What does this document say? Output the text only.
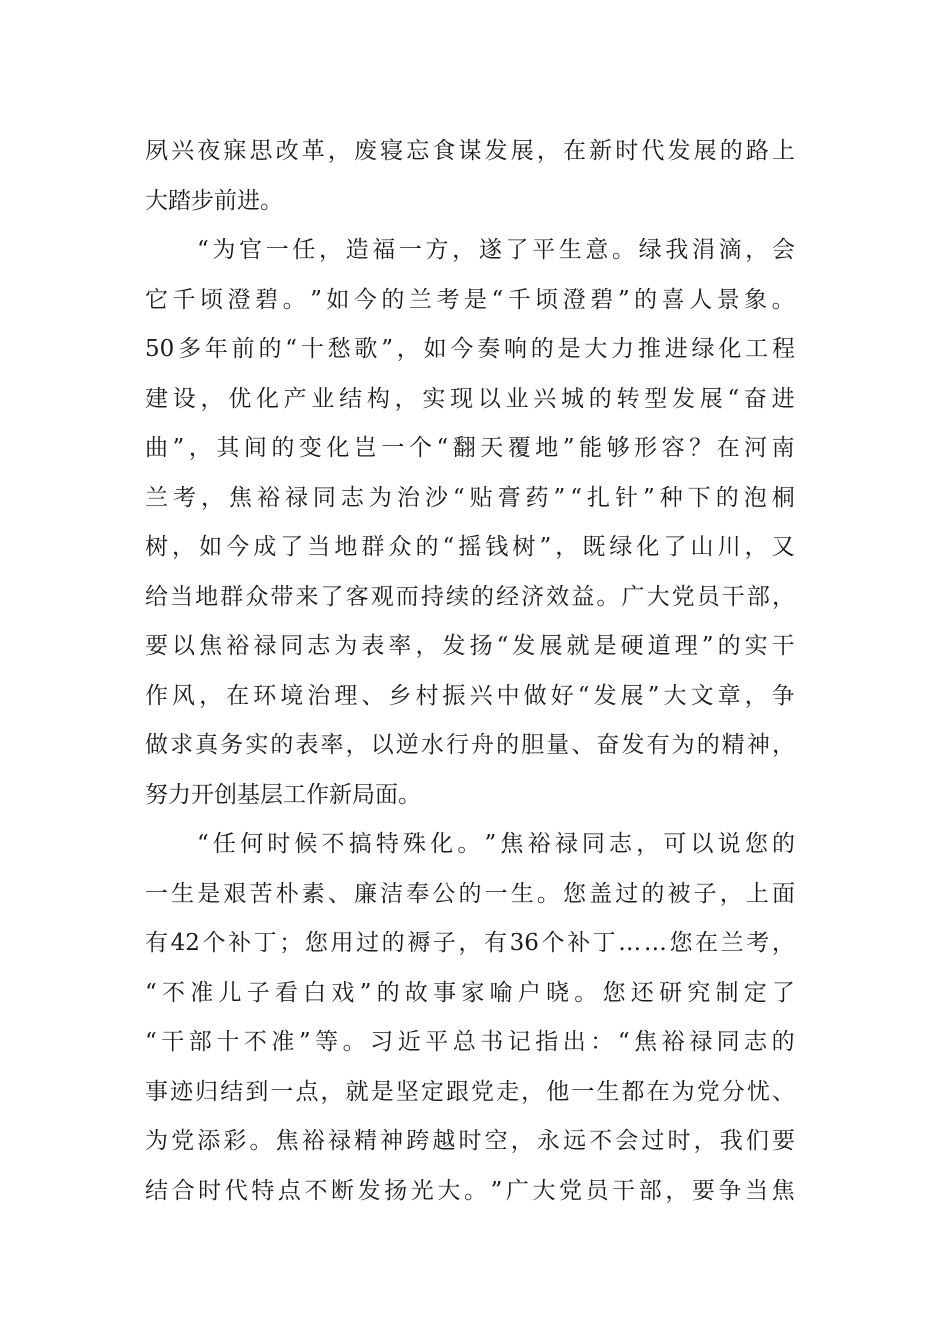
夙 兴 夜 寐 思 改 革 ， 废 寝 忘 食 谋 发 展 ， 在 新 时 代 发 展 的 路 上
大踏步前进。
“ 为 官 一 任 ， 造 福 一 方 ， 遂 了 平 生 意 。 绿 我 涓 滴 ， 会
它 千 顷 澄 碧 。 ” 如 今 的 兰 考 是 “ 千 顷 澄 碧 ” 的 喜 人 景 象 。
50 多 年 前 的 “ 十 愁 歌 ” ， 如 今 奏 响 的 是 大 力 推 进 绿 化 工 程
建 设 ， 优 化 产 业 结 构 ， 实 现 以 业 兴 城 的 转 型 发 展 “ 奋 进
曲 ” ， 其 间 的 变 化 岂 一 个 “ 翻 天 覆 地 ” 能 够 形 容 ？ 在 河 南
兰 考 ， 焦 裕 禄 同 志 为 治 沙 “ 贴 膏 药 ” “ 扎 针 ” 种 下 的 泡 桐
树 ， 如 今 成 了 当 地 群 众 的 “ 摇 钱 树 ” ， 既 绿 化 了 山 川 ， 又
给 当 地 群 众 带 来 了 客 观 而 持 续 的 经 济 效 益 。 广 大 党 员 干 部 ，
要 以 焦 裕 禄 同 志 为 表 率 ， 发 扬 “ 发 展 就 是 硬 道 理 ” 的 实 干
作 风 ， 在 环 境 治 理 、 乡 村 振 兴 中 做 好 “ 发 展 ” 大 文 章 ， 争
做 求 真 务 实 的 表 率 ， 以 逆 水 行 舟 的 胆 量 、 奋 发 有 为 的 精 神 ，
努力开创基层工作新局面。
“ 任 何 时 候 不 搞 特 殊 化 。 ” 焦 裕 禄 同 志 ， 可 以 说 您 的
一 生 是 艰 苦 朴 素 、 廉 洁 奉 公 的 一 生 。 您 盖 过 的 被 子 ， 上 面
有 42 个 补 丁 ； 您 用 过 的 褥 子 ， 有 36 个 补 丁 … … 您 在 兰 考 ，
“ 不 准 儿 子 看 白 戏 ” 的 故 事 家 喻 户 晓 。 您 还 研 究 制 定 了
“ 干 部 十 不 准 ” 等 。 习 近 平 总 书 记 指 出 ： “ 焦 裕 禄 同 志 的
事 迹 归 结 到 一 点 ， 就 是 坚 定 跟 党 走 ， 他 一 生 都 在 为 党 分 忧 、
为 党 添 彩 。 焦 裕 禄 精 神 跨 越 时 空 ， 永 远 不 会 过 时 ， 我 们 要
结 合 时 代 特 点 不 断 发 扬 光 大 。 ” 广 大 党 员 干 部 ， 要 争 当 焦
